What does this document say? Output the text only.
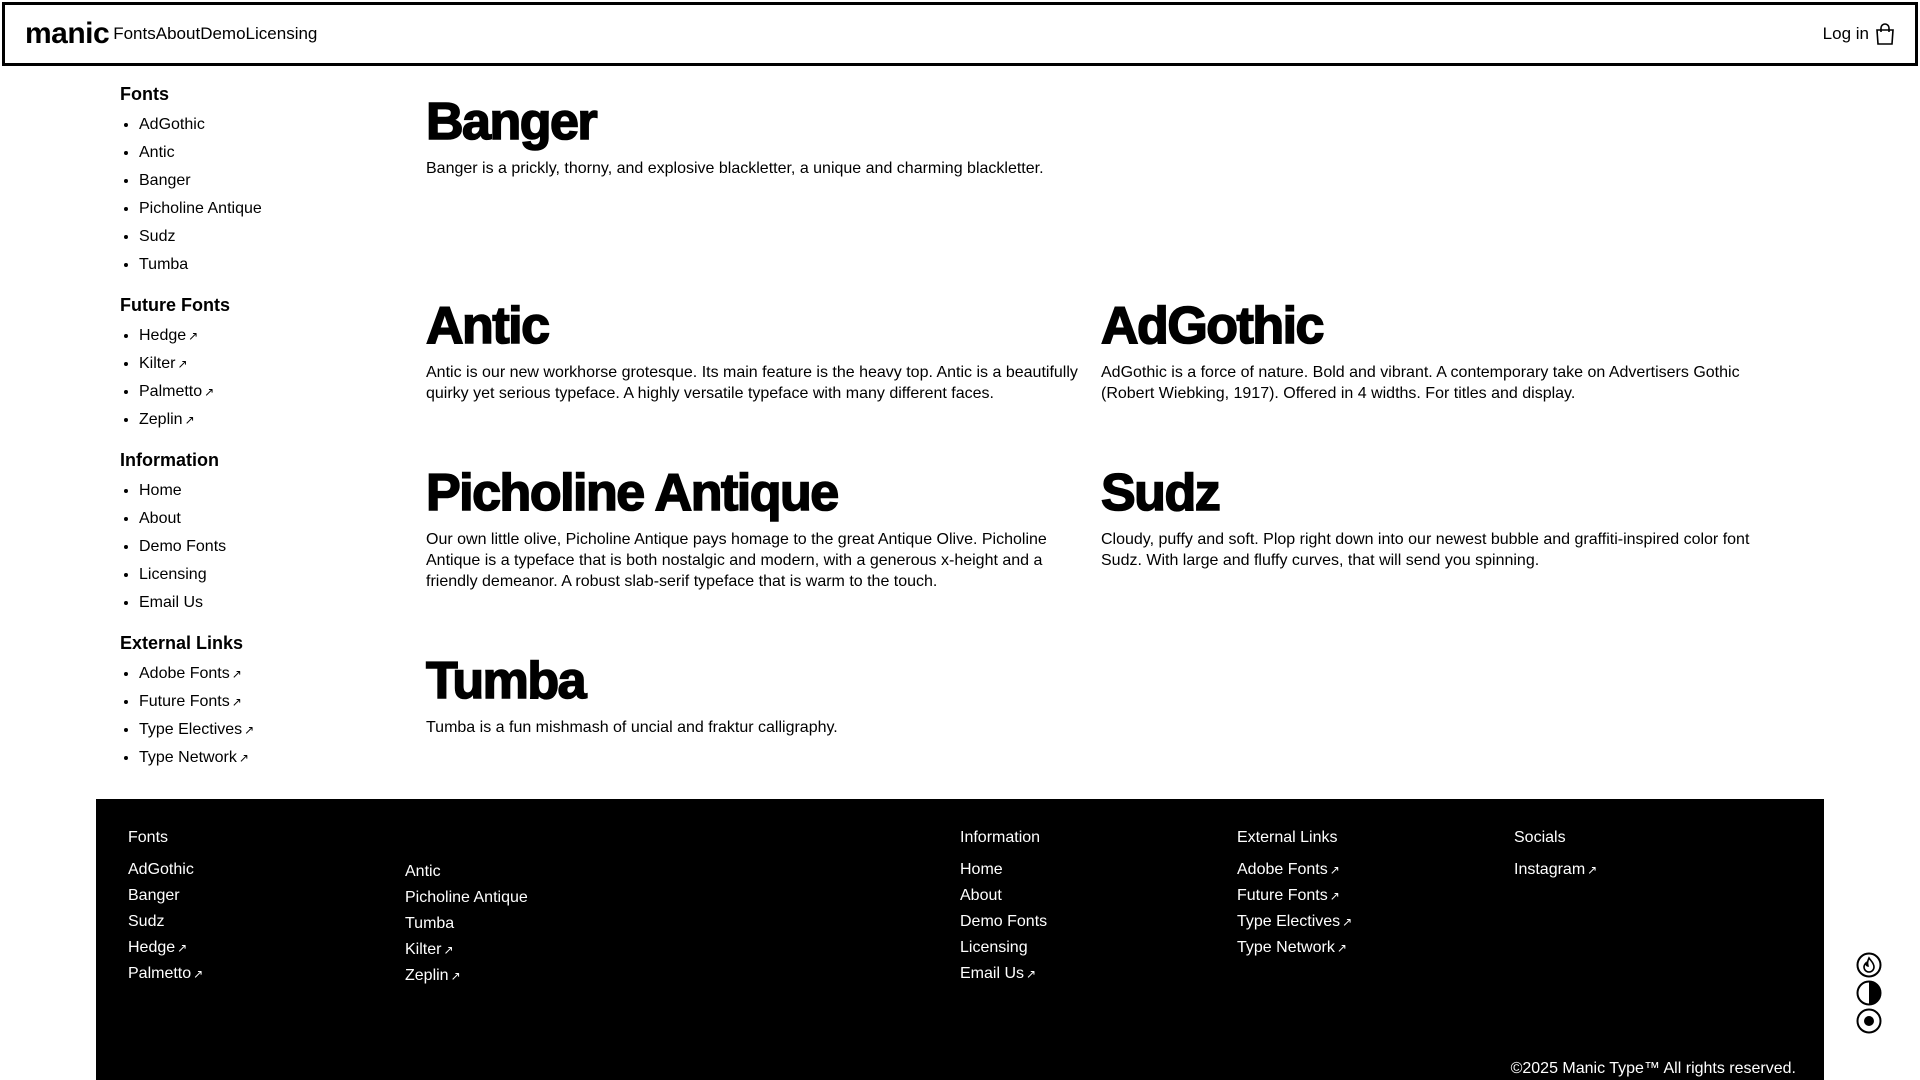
manic Fonts About Demo Licensing	Log in
Fonts
• AdGothic
• Antic
• Banger
• Picholine Antique
• Sudz
• Tumba
Future Fonts
• Hedge ↗
• Kilter ↗
• Palmetto ↗
• Zeplin ↗
Information
• Home
• About
• Demo Fonts
• Licensing
• Email Us
External Links
• Adobe Fonts ↗
• Future Fonts ↗
• Type Electives ↗
• Type Network ↗
Banger

Banger is a prickly, thorny, and explosive blackletter, a unique and charming blackletter.

Antic

Antic is our new workhorse grotesque. Its main feature is the heavy top. Antic is a beautifully quirky yet serious typeface. A highly versatile typeface with many different faces.

AdGothic

AdGothic is a force of nature. Bold and vibrant. A contemporary take on Advertisers Gothic (Robert Wiebking, 1917). Offered in 4 widths. For titles and display.

Picholine Antique

Our own little olive, Picholine Antique pays homage to the great Antique Olive. Picholine Antique is a typeface that is both nostalgic and modern, with a generous x-height and a friendly demeanor. A robust slab-serif typeface that is warm to the touch.

Sudz

Cloudy, puffy and soft. Plop right down into our newest bubble and graffiti-inspired color font Sudz. With large and fluffy curves, that will send you spinning.

Tumba

Tumba is a fun mishmash of uncial and fraktur calligraphy.

Fonts
AdGothic
Banger
Sudz
Hedge ↗
Palmetto ↗
Antic
Picholine Antique
Tumba
Kilter ↗
Zeplin ↗
Information
Home
About
Demo Fonts
Licensing
Email Us ↗
External Links
Adobe Fonts ↗
Future Fonts ↗
Type Electives ↗
Type Network ↗
Socials
Instagram ↗
©2025 Manic Type™ All rights reserved.
